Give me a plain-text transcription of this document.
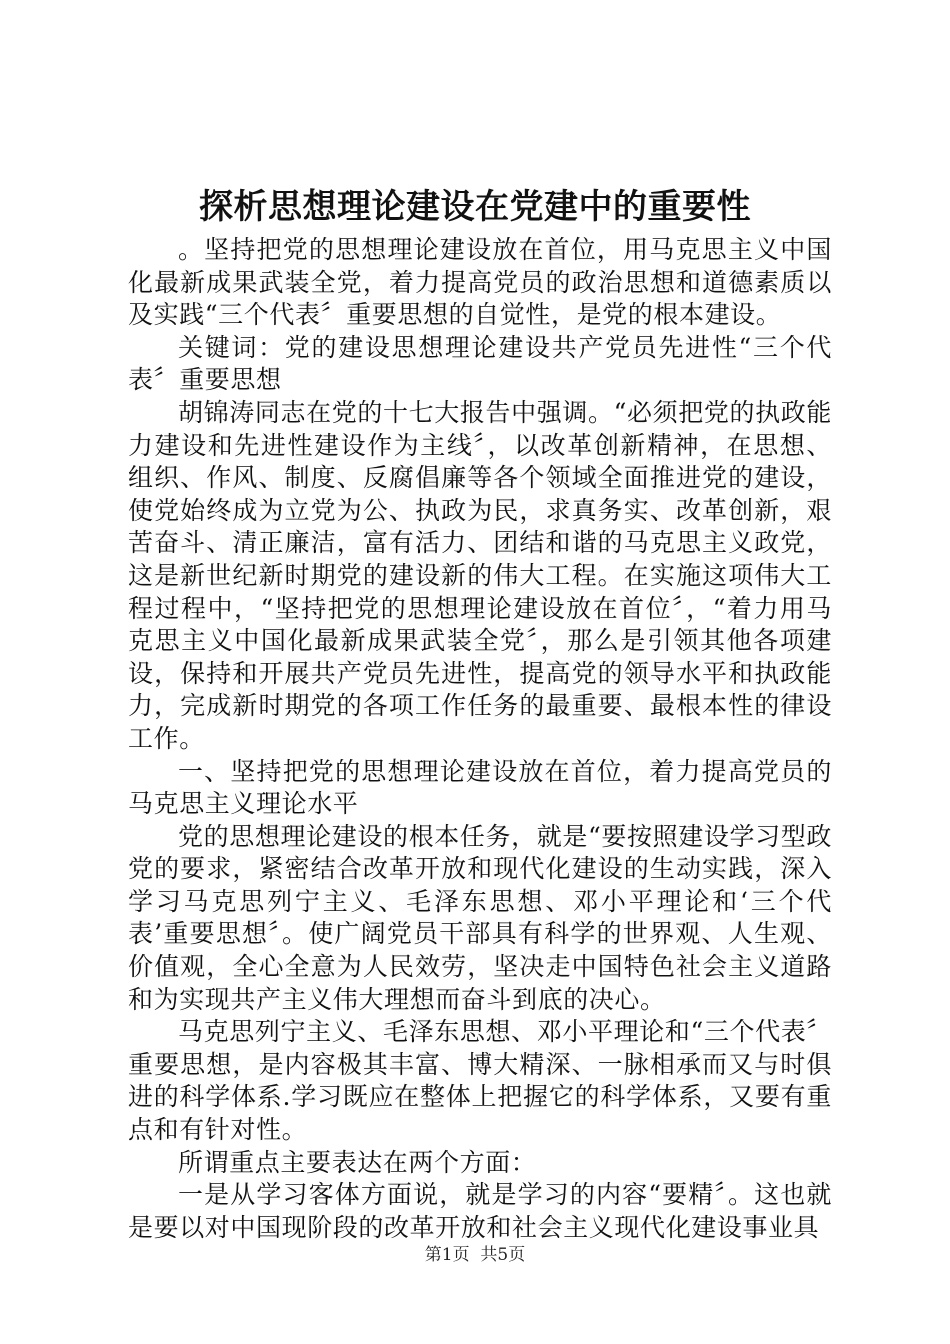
探析思想理论建设在党建中的重要性

。坚持把党的思想理论建设放在首位，用马克思主义中国化最新成果武装全党，着力提高党员的政治思想和道德素质以及实践“三个代表〞重要思想的自觉性，是党的根本建设。

关键词：党的建设思想理论建设共产党员先进性“三个代表〞重要思想

胡锦涛同志在党的十七大报告中强调。“必须把党的执政能力建设和先进性建设作为主线〞，以改革创新精神，在思想、组织、作风、制度、反腐倡廉等各个领域全面推进党的建设，使党始终成为立党为公、执政为民，求真务实、改革创新，艰苦奋斗、清正廉洁，富有活力、团结和谐的马克思主义政党，这是新世纪新时期党的建设新的伟大工程。在实施这项伟大工程过程中，“坚持把党的思想理论建设放在首位〞，“着力用马克思主义中国化最新成果武装全党〞，那么是引领其他各项建设，保持和开展共产党员先进性，提高党的领导水平和执政能力，完成新时期党的各项工作任务的最重要、最根本性的律设工作。

一、坚持把党的思想理论建设放在首位，着力提高党员的马克思主义理论水平

党的思想理论建设的根本任务，就是“要按照建设学习型政党的要求，紧密结合改革开放和现代化建设的生动实践，深入学习马克思列宁主义、毛泽东思想、邓小平理论和‘三个代表’重要思想〞。使广阔党员干部具有科学的世界观、人生观、价值观，全心全意为人民效劳，坚决走中国特色社会主义道路和为实现共产主义伟大理想而奋斗到底的决心。

马克思列宁主义、毛泽东思想、邓小平理论和“三个代表〞重要思想，是内容极其丰富、博大精深、一脉相承而又与时俱进的科学体系.学习既应在整体上把握它的科学体系，又要有重点和有针对性。

所谓重点主要表达在两个方面：

一是从学习客体方面说，就是学习的内容“要精〞。这也就是要以对中国现阶段的改革开放和社会主义现代化建设事业具

第1页 共5页
